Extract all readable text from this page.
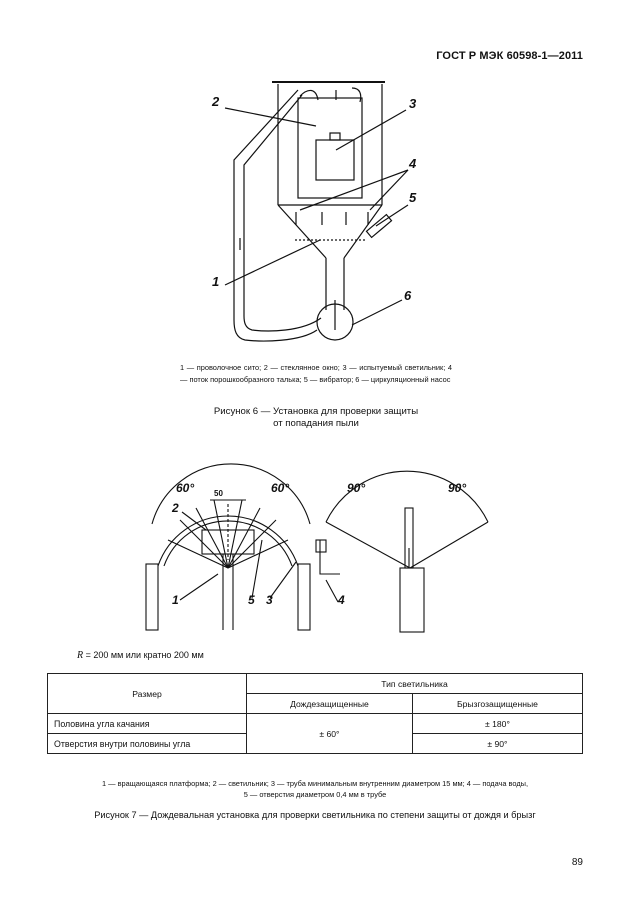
ГОСТ Р МЭК 60598-1—2011
2	3
4
5
1
6
60°	60°	90°	90°
2
1	5 3	4
50
1 — проволочное сито; 2 — стеклянное окно; 3 — испытуемый светильник; 4 — поток порошкообразного талька; 5 — вибратор; 6 — циркуляционный насос
Рисунок 6 — Установка для проверки защиты
от попадания пыли
R = 200 мм или кратно 200 мм
Размер	Тип светильника	
	Дождезащищенные	Брызгозащищенные
Половина угла качания	± 60°	± 180°
Отверстия внутри половины угла		± 90°
1 — вращающаяся платформа; 2 — светильник; 3 — труба минимальным внутренним диаметром 15 мм; 4 — подача воды,
5 — отверстия диаметром 0,4 мм в трубе
Рисунок 7 — Дождевальная установка для проверки светильника по степени защиты от дождя и брызг
89
